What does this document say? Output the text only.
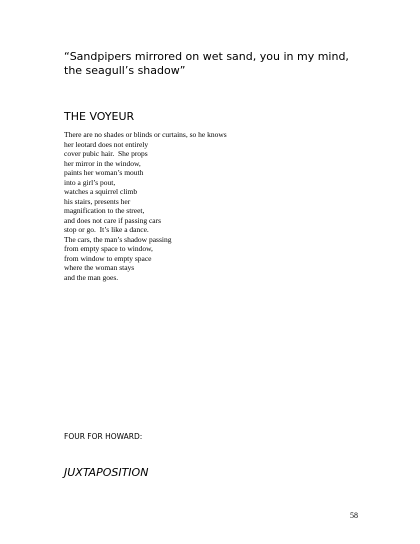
“Sandpipers mirrored on wet sand, you in my mind, the seagull’s shadow”
THE VOYEUR
There are no shades or blinds or curtains, so he knows
her leotard does not entirely
cover pubic hair.  She props
her mirror in the window,
paints her woman’s mouth
into a girl’s pout,
watches a squirrel climb
his stairs, presents her
magnification to the street,
and does not care if passing cars
stop or go.  It’s like a dance.
The cars, the man’s shadow passing
from empty space to window,
from window to empty space
where the woman stays
and the man goes.
FOUR FOR HOWARD:
JUXTAPOSITION
58
